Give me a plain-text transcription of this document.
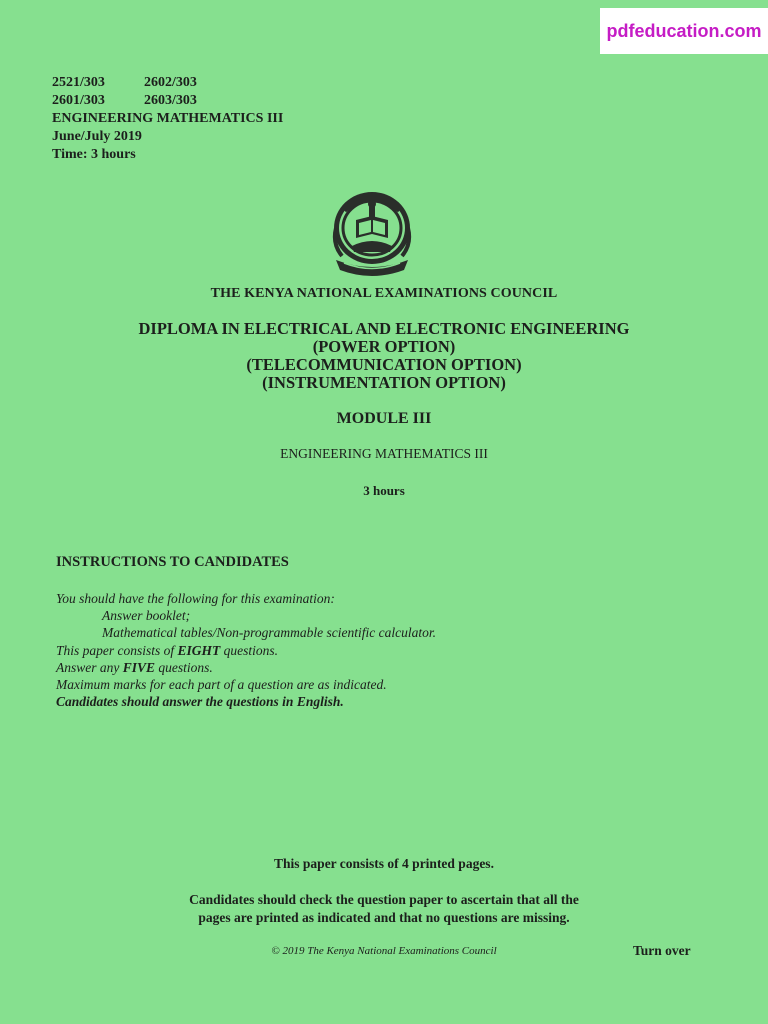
pdfeducation.com
2521/303	2602/303
2601/303	2603/303
ENGINEERING MATHEMATICS III
June/July 2019
Time: 3 hours
THE KENYA NATIONAL EXAMINATIONS COUNCIL
DIPLOMA IN ELECTRICAL AND ELECTRONIC ENGINEERING
(POWER OPTION)
(TELECOMMUNICATION OPTION)
(INSTRUMENTATION OPTION)
MODULE III
ENGINEERING MATHEMATICS III
3 hours
INSTRUCTIONS TO CANDIDATES
You should have the following for this examination:
Answer booklet;
Mathematical tables/Non-programmable scientific calculator.
This paper consists of EIGHT questions.
Answer any FIVE questions.
Maximum marks for each part of a question are as indicated.
Candidates should answer the questions in English.
This paper consists of 4 printed pages.
Candidates should check the question paper to ascertain that all the
pages are printed as indicated and that no questions are missing.
© 2019 The Kenya National Examinations Council	Turn over
